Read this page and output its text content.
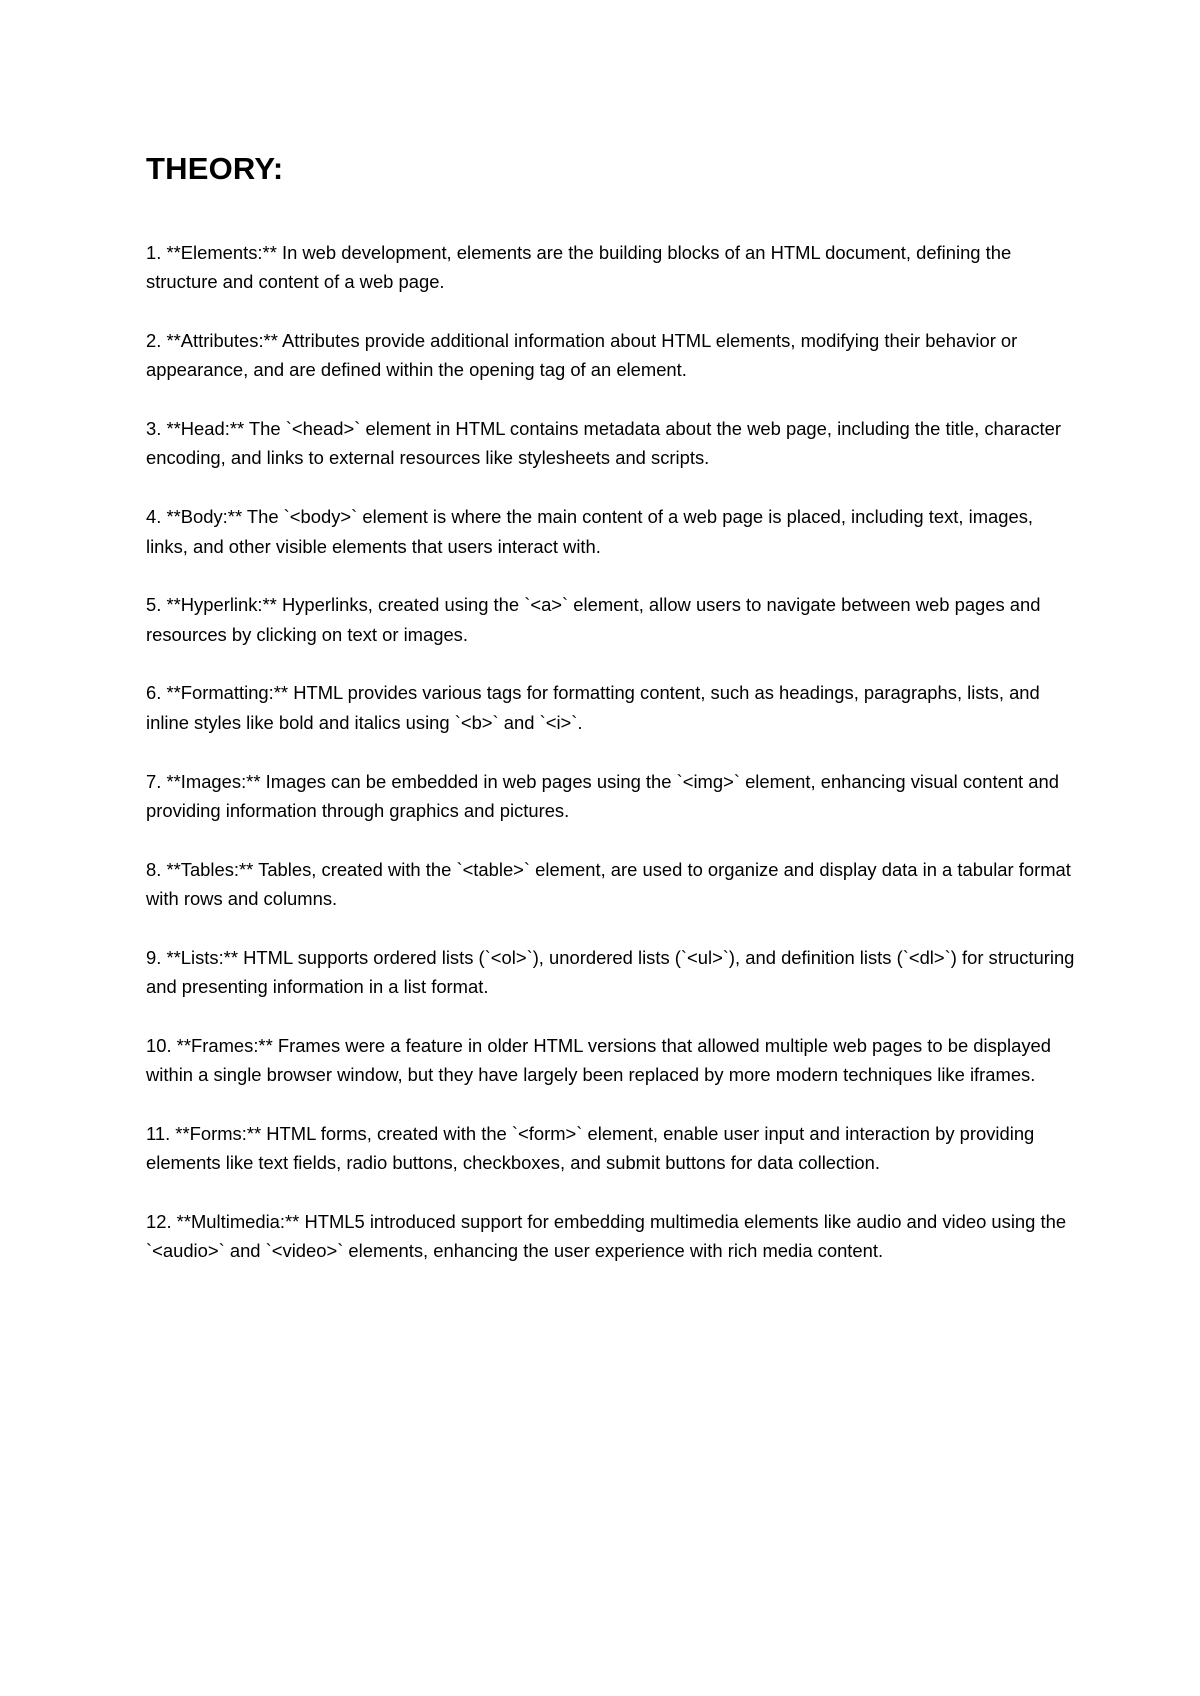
THEORY:

1. **Elements:** In web development, elements are the building blocks of an HTML document, defining the structure and content of a web page.

2. **Attributes:** Attributes provide additional information about HTML elements, modifying their behavior or appearance, and are defined within the opening tag of an element.

3. **Head:** The `<head>` element in HTML contains metadata about the web page, including the title, character encoding, and links to external resources like stylesheets and scripts.

4. **Body:** The `<body>` element is where the main content of a web page is placed, including text, images, links, and other visible elements that users interact with.

5. **Hyperlink:** Hyperlinks, created using the `<a>` element, allow users to navigate between web pages and resources by clicking on text or images.

6. **Formatting:** HTML provides various tags for formatting content, such as headings, paragraphs, lists, and inline styles like bold and italics using `<b>` and `<i>`.

7. **Images:** Images can be embedded in web pages using the `<img>` element, enhancing visual content and providing information through graphics and pictures.

8. **Tables:** Tables, created with the `<table>` element, are used to organize and display data in a tabular format with rows and columns.

9. **Lists:** HTML supports ordered lists (`<ol>`), unordered lists (`<ul>`), and definition lists (`<dl>`) for structuring and presenting information in a list format.

10. **Frames:** Frames were a feature in older HTML versions that allowed multiple web pages to be displayed within a single browser window, but they have largely been replaced by more modern techniques like iframes.

11. **Forms:** HTML forms, created with the `<form>` element, enable user input and interaction by providing elements like text fields, radio buttons, checkboxes, and submit buttons for data collection.

12. **Multimedia:** HTML5 introduced support for embedding multimedia elements like audio and video using the `<audio>` and `<video>` elements, enhancing the user experience with rich media content.
